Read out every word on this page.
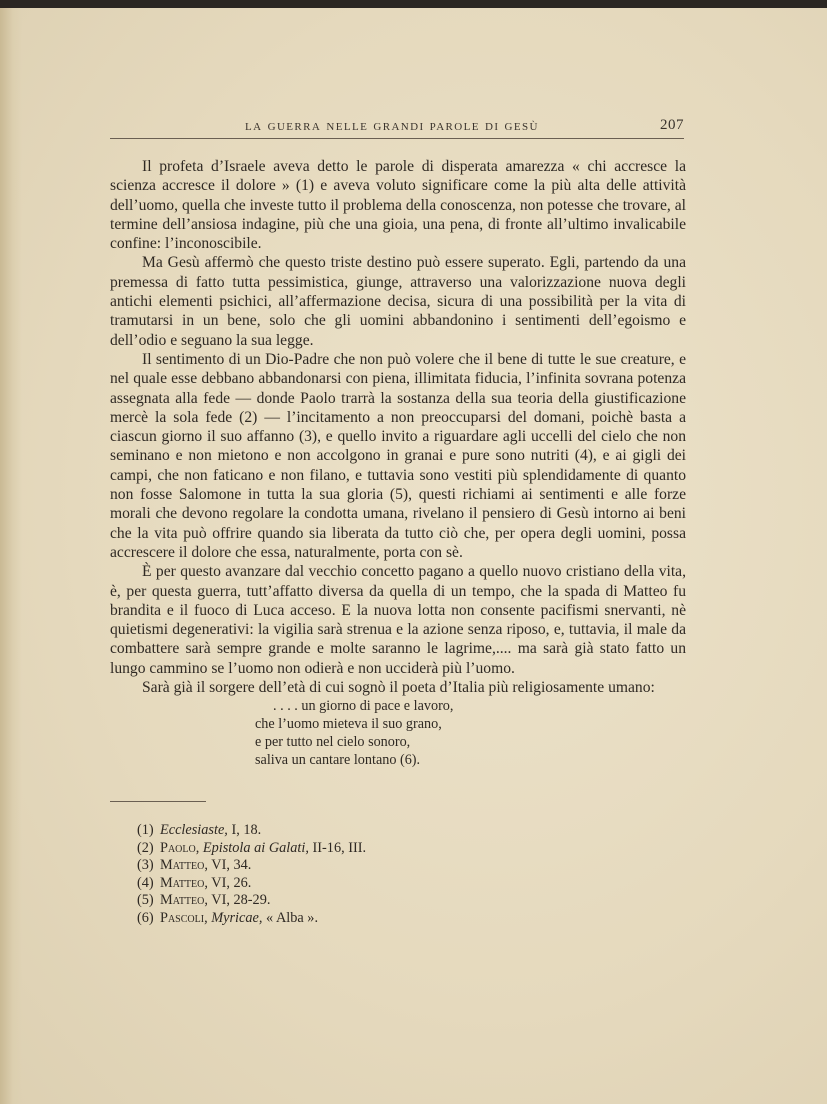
la guerra nelle grandi parole di gesù	207

Il profeta d’Israele aveva detto le parole di disperata amarezza « chi accresce la scienza accresce il dolore » (1) e aveva voluto significare come la più alta delle attività dell’uomo, quella che investe tutto il problema della conoscenza, non potesse che trovare, al termine dell’ansiosa indagine, più che una gioia, una pena, di fronte all’ultimo invalicabile confine: l’inconoscibile.

Ma Gesù affermò che questo triste destino può essere superato. Egli, partendo da una premessa di fatto tutta pessimistica, giunge, attraverso una valorizzazione nuova degli antichi elementi psichici, all’affermazione decisa, sicura di una possibilità per la vita di tramutarsi in un bene, solo che gli uomini abbandonino i sentimenti dell’egoismo e dell’odio e seguano la sua legge.

Il sentimento di un Dio-Padre che non può volere che il bene di tutte le sue creature, e nel quale esse debbano abbandonarsi con piena, illimitata fiducia, l’infinita sovrana potenza assegnata alla fede — donde Paolo trarrà la sostanza della sua teoria della giustificazione mercè la sola fede (2) — l’incitamento a non preoccuparsi del domani, poichè basta a ciascun giorno il suo affanno (3), e quello invito a riguardare agli uccelli del cielo che non seminano e non mietono e non accolgono in granai e pure sono nutriti (4), e ai gigli dei campi, che non faticano e non filano, e tuttavia sono vestiti più splendidamente di quanto non fosse Salomone in tutta la sua gloria (5), questi richiami ai sentimenti e alle forze morali che devono regolare la condotta umana, rivelano il pensiero di Gesù intorno ai beni che la vita può offrire quando sia liberata da tutto ciò che, per opera degli uomini, possa accrescere il dolore che essa, naturalmente, porta con sè.

È per questo avanzare dal vecchio concetto pagano a quello nuovo cristiano della vita, è, per questa guerra, tutt’affatto diversa da quella di un tempo, che la spada di Matteo fu brandita e il fuoco di Luca acceso. E la nuova lotta non consente pacifismi snervanti, nè quietismi degenerativi: la vigilia sarà strenua e la azione senza riposo, e, tuttavia, il male da combattere sarà sempre grande e molte saranno le lagrime,.... ma sarà già stato fatto un lungo cammino se l’uomo non odierà e non ucciderà più l’uomo.

Sarà già il sorgere dell’età di cui sognò il poeta d’Italia più religiosamente umano:

. . . . un giorno di pace e lavoro,
che l’uomo mieteva il suo grano,
e per tutto nel cielo sonoro,
saliva un cantare lontano (6).
(1) Ecclesiaste, I, 18.
(2) Paolo, Epistola ai Galati, II-16, III.
(3) Matteo, VI, 34.
(4) Matteo, VI, 26.
(5) Matteo, VI, 28-29.
(6) Pascoli, Myricae, « Alba ».
